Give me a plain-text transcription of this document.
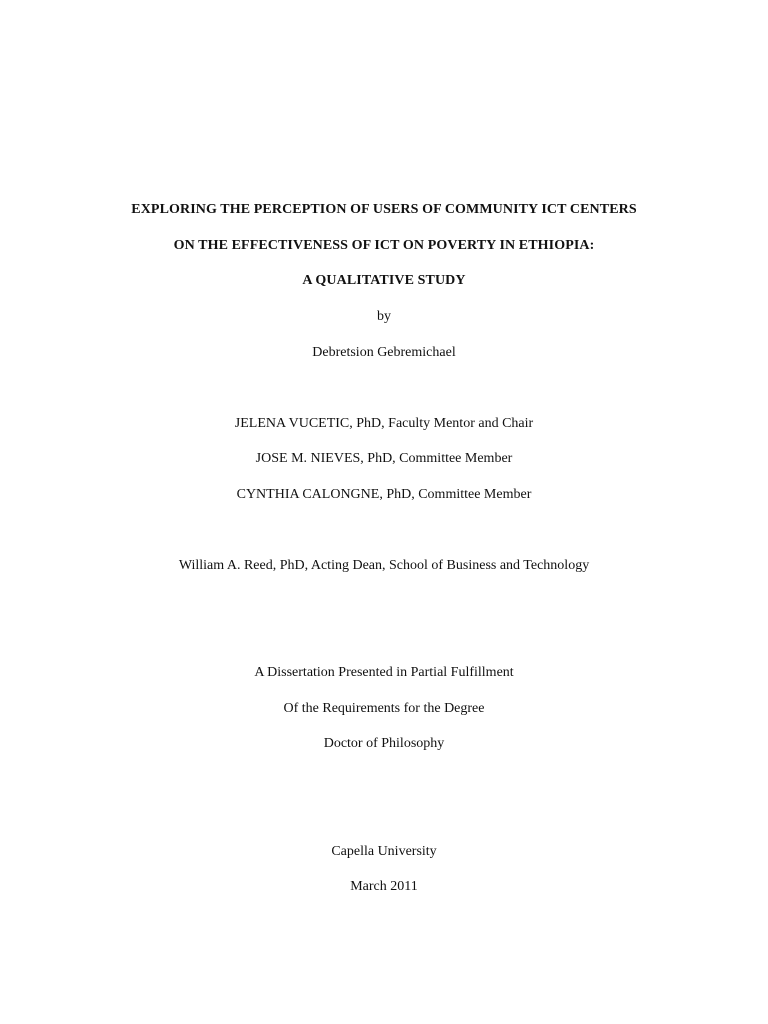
EXPLORING THE PERCEPTION OF USERS OF COMMUNITY ICT CENTERS
ON THE EFFECTIVENESS OF ICT ON POVERTY IN ETHIOPIA:
A QUALITATIVE STUDY
by
Debretsion Gebremichael
JELENA VUCETIC, PhD, Faculty Mentor and Chair
JOSE M. NIEVES, PhD, Committee Member
CYNTHIA CALONGNE, PhD, Committee Member
William A. Reed, PhD, Acting Dean, School of Business and Technology
A Dissertation Presented in Partial Fulfillment
Of the Requirements for the Degree
Doctor of Philosophy
Capella University
March 2011
